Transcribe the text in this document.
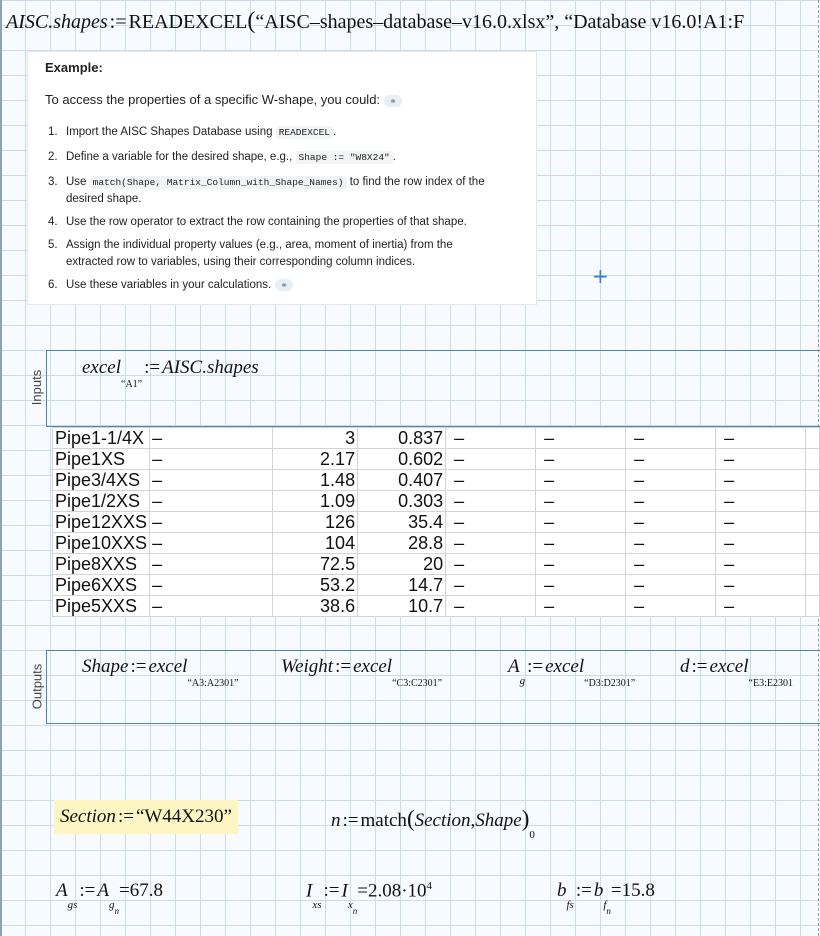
AISC.shapes := READEXCEL(“AISC–shapes–database–v16.0.xlsx”, “Database v16.0!A1:F
Example:
To access the properties of a specific W-shape, you could: ⚭
1. Import the AISC Shapes Database using READEXCEL .
2. Define a variable for the desired shape, e.g., Shape := "W8X24" .
3. Use match(Shape, Matrix_Column_with_Shape_Names) to find the row index of the
desired shape.
4. Use the row operator to extract the row containing the properties of that shape.
5. Assign the individual property values (e.g., area, moment of inertia) from the
extracted row to variables, using their corresponding column indices.
6. Use these variables in your calculations. ⚭	+
Inputs
excel$_{“A1”}$:= AISC.shapes
Pipe1-1/4X	–	3	0.837	–	–	–	–	
Pipe1XS	–	2.17	0.602	–	–	–	–	
Pipe3/4XS	–	1.48	0.407	–	–	–	–	
Pipe1/2XS	–	1.09	0.303	–	–	–	–	
Pipe12XXS	–	126	35.4	–	–	–	–	
Pipe10XXS	–	104	28.8	–	–	–	–	
Pipe8XXS	–	72.5	20	–	–	–	–	
Pipe6XXS	–	53.2	14.7	–	–	–	–	
Pipe5XXS	–	38.6	10.7	–	–	–	–	
Outputs Shape := excel$_{“A3:A2301”}$
Weight := excel$_{“C3:C2301”}$
$A_g:=$ excel$_{“D3:D2301”}$
d := excel$_{“E3:E2301}$
Section := “W44X230”	n := $match(Section,Shape)_0$
$A_{gs}:= A_{g_n}=67.8$	$I_{xs}:= I_{x_n}=2.08\cdot 10^4$	$b_{fs}:= b_{f_n}=15.8$
